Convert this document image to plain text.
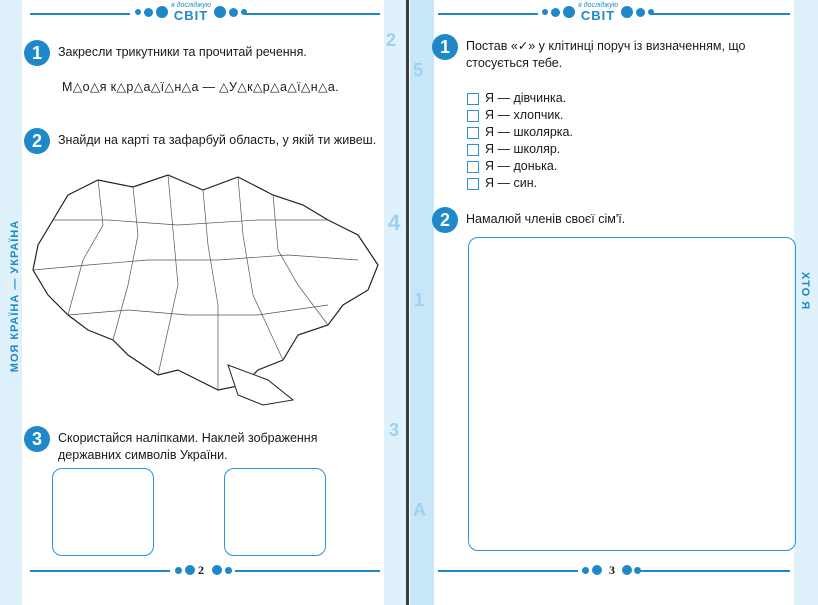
2
4
3
МОЯ КРАЇНА — УКРАЇНА
я досліджую
СВІТ
1	Закресли трикутники та прочитай речення.
М△о△я к△р△а△ї△н△а — △У△к△р△а△ї△н△а.
2	Знайди на карті та зафарбуй область, у якій ти живеш.
3	Скористайся наліпками. Наклей зображення державних символів України.
2
5
1
А
ХТО Я
я досліджую
СВІТ
1	Постав «✓» у клітинці поруч із визначенням, що стосується тебе.
Я — дівчинка.
Я — хлопчик.
Я — школярка.
Я — школяр.
Я — донька.
Я — син.
2	Намалюй членів своєї сім'ї.
3
